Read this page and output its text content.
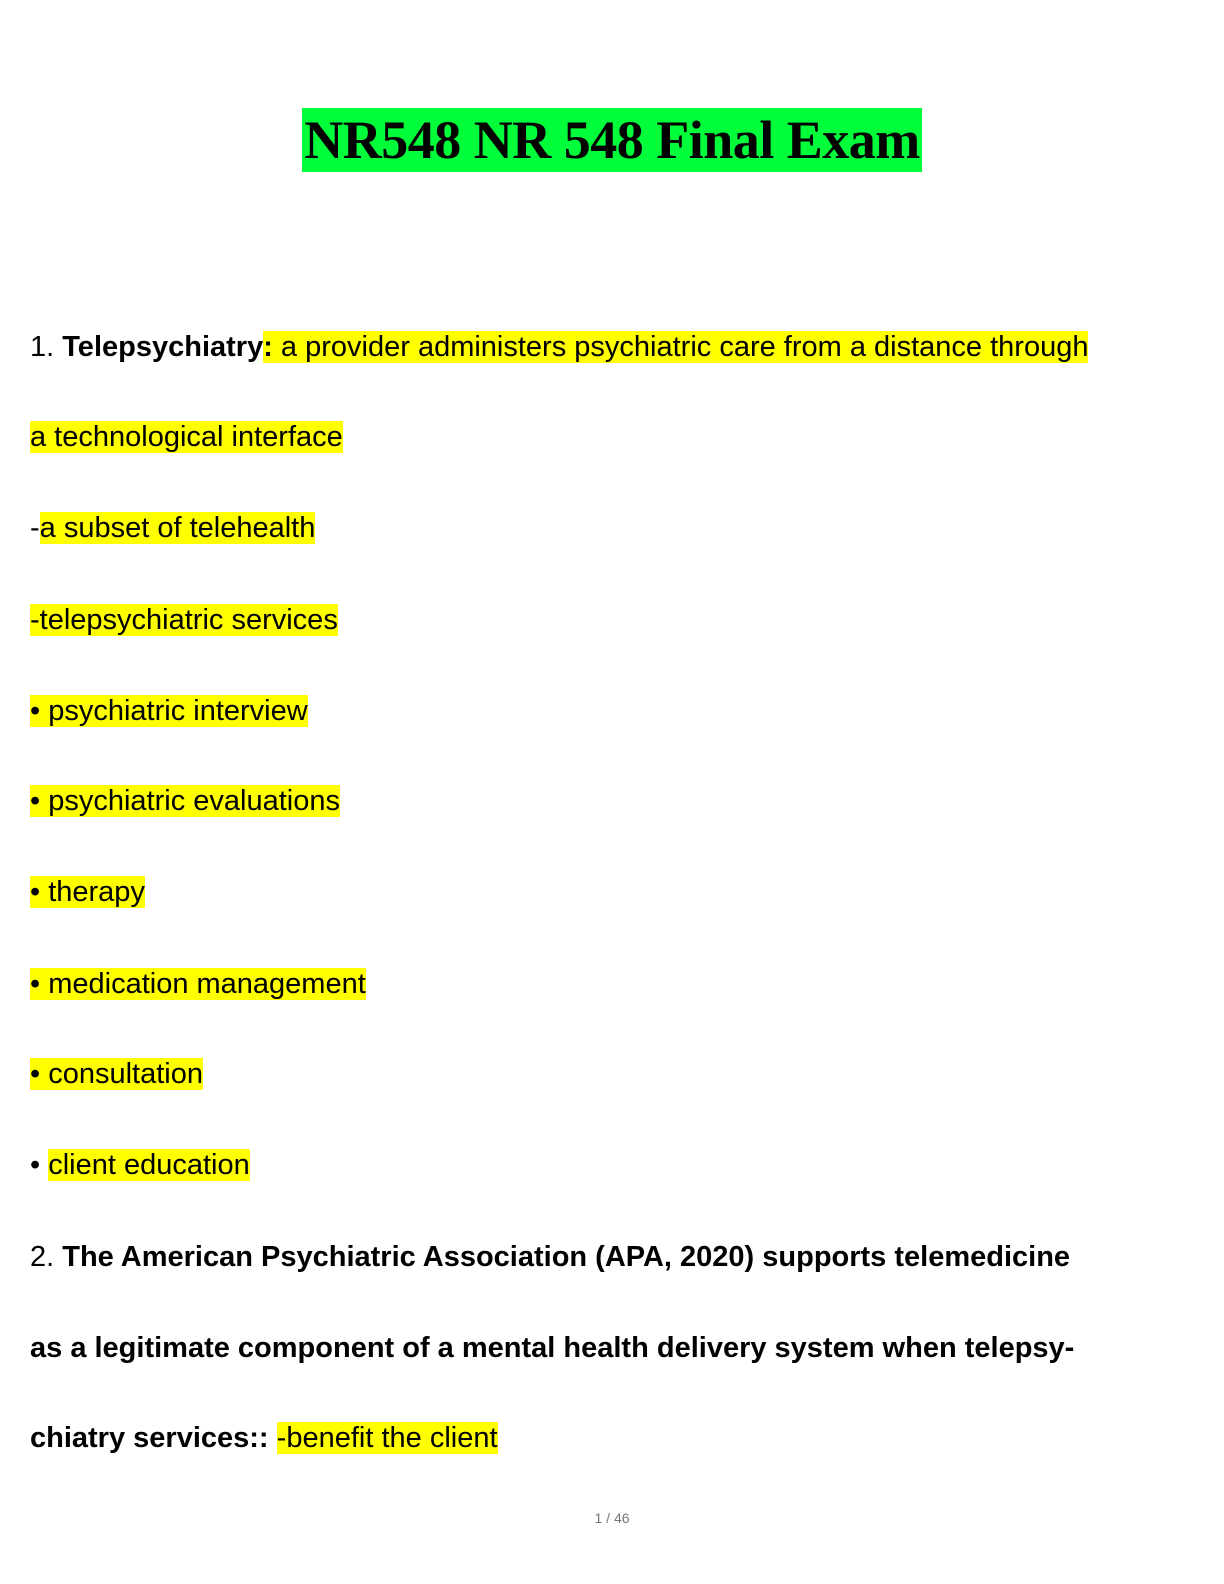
NR548 NR 548 Final Exam
1. Telepsychiatry: a provider administers psychiatric care from a distance through
a technological interface
-a subset of telehealth
-telepsychiatric services
• psychiatric interview
• psychiatric evaluations
• therapy
• medication management
• consultation
• client education
2. The American Psychiatric Association (APA, 2020) supports telemedicine
as a legitimate component of a mental health delivery system when telepsy-
chiatry services:: -benefit the client
1 / 46
